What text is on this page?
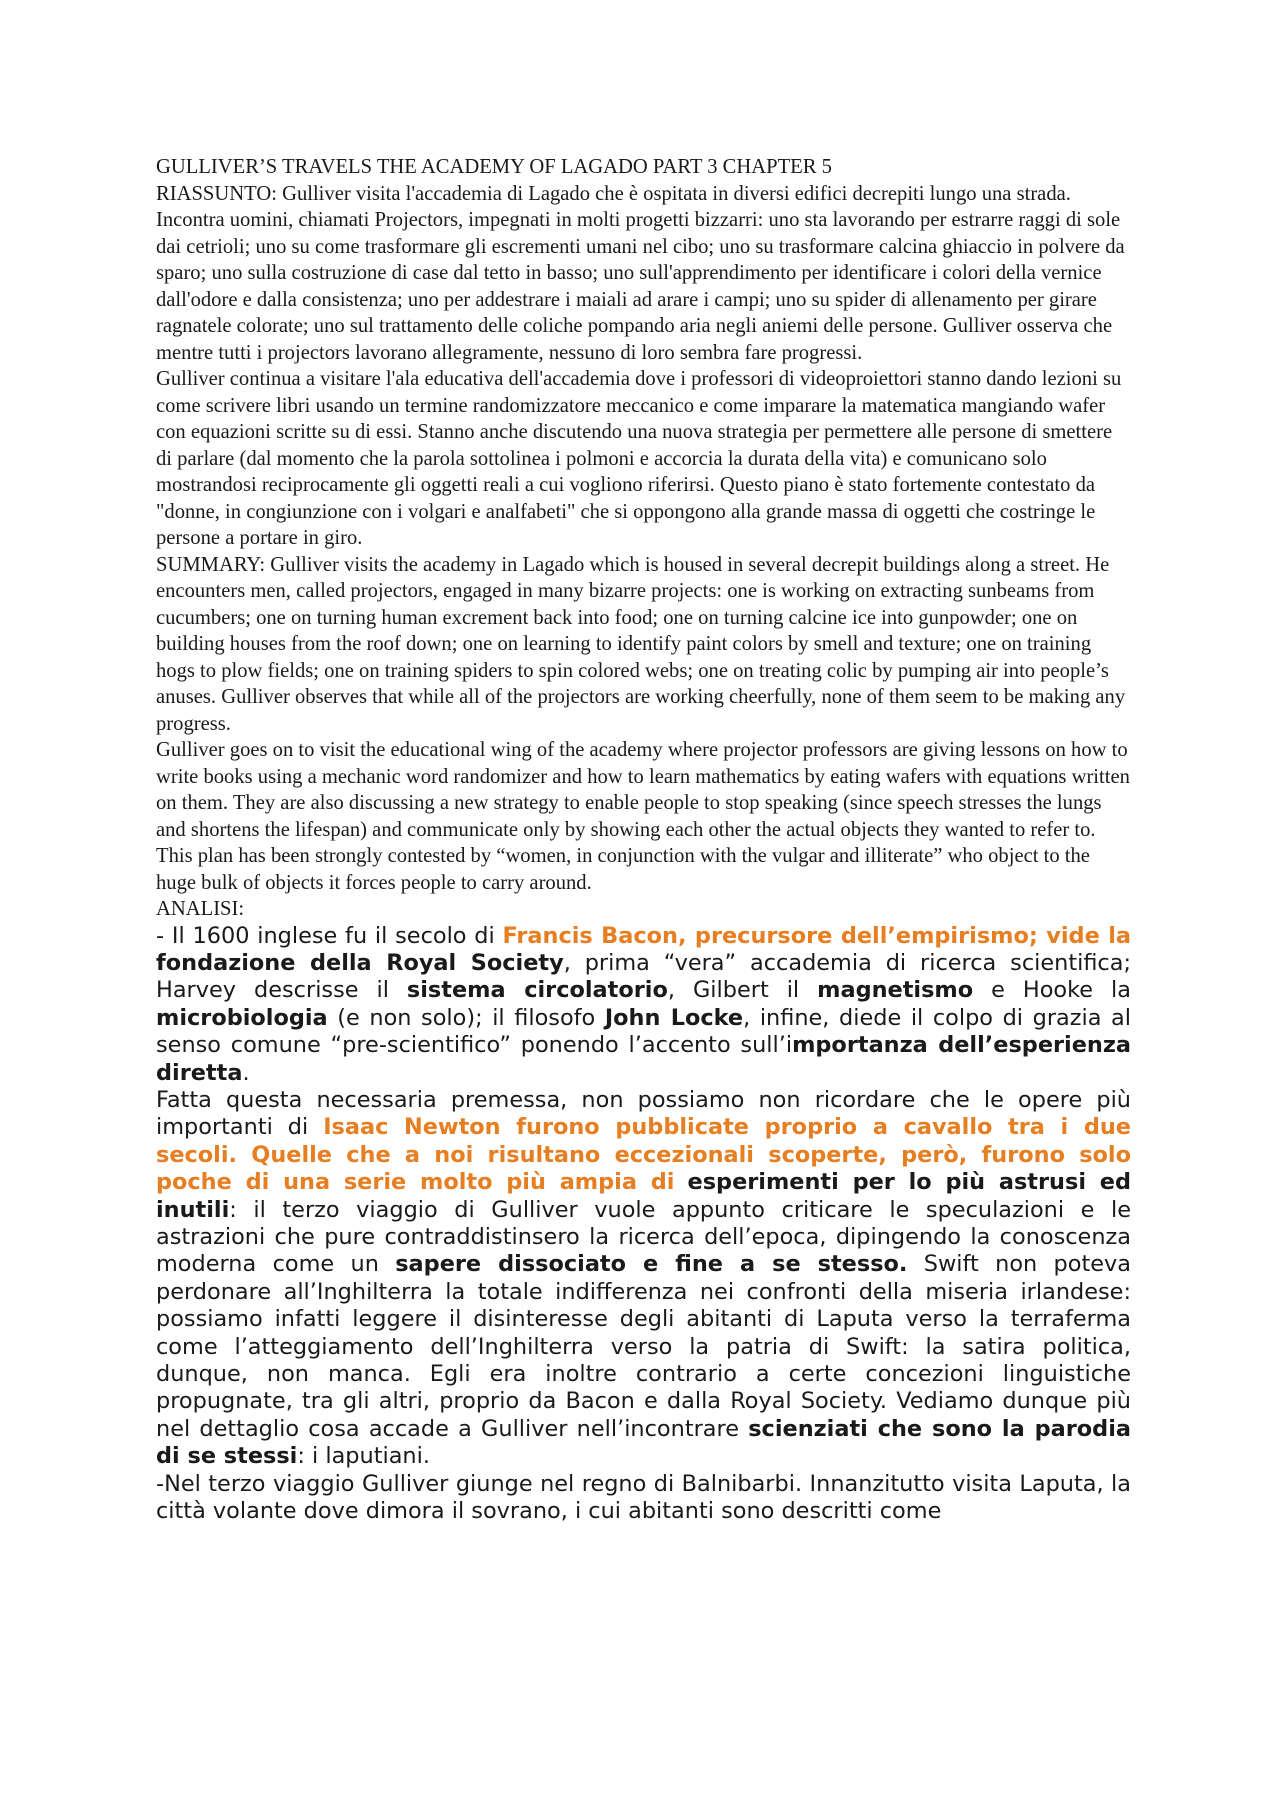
GULLIVER’S TRAVELS THE ACADEMY OF LAGADO PART 3 CHAPTER 5

RIASSUNTO: Gulliver visita l'accademia di Lagado che è ospitata in diversi edifici decrepiti lungo una strada. Incontra uomini, chiamati Projectors, impegnati in molti progetti bizzarri: uno sta lavorando per estrarre raggi di sole dai cetrioli; uno su come trasformare gli escrementi umani nel cibo; uno su trasformare calcina ghiaccio in polvere da sparo; uno sulla costruzione di case dal tetto in basso; uno sull'apprendimento per identificare i colori della vernice dall'odore e dalla consistenza; uno per addestrare i maiali ad arare i campi; uno su spider di allenamento per girare ragnatele colorate; uno sul trattamento delle coliche pompando aria negli aniemi delle persone. Gulliver osserva che mentre tutti i projectors lavorano allegramente, nessuno di loro sembra fare progressi.

Gulliver continua a visitare l'ala educativa dell'accademia dove i professori di videoproiettori stanno dando lezioni su come scrivere libri usando un termine randomizzatore meccanico e come imparare la matematica mangiando wafer con equazioni scritte su di essi. Stanno anche discutendo una nuova strategia per permettere alle persone di smettere di parlare (dal momento che la parola sottolinea i polmoni e accorcia la durata della vita) e comunicano solo mostrandosi reciprocamente gli oggetti reali a cui vogliono riferirsi. Questo piano è stato fortemente contestato da "donne, in congiunzione con i volgari e analfabeti" che si oppongono alla grande massa di oggetti che costringe le persone a portare in giro.

SUMMARY: Gulliver visits the academy in Lagado which is housed in several decrepit buildings along a street. He encounters men, called projectors, engaged in many bizarre projects: one is working on extracting sunbeams from cucumbers; one on turning human excrement back into food; one on turning calcine ice into gunpowder; one on building houses from the roof down; one on learning to identify paint colors by smell and texture; one on training hogs to plow fields; one on training spiders to spin colored webs; one on treating colic by pumping air into people’s anuses. Gulliver observes that while all of the projectors are working cheerfully, none of them seem to be making any progress.

Gulliver goes on to visit the educational wing of the academy where projector professors are giving lessons on how to write books using a mechanic word randomizer and how to learn mathematics by eating wafers with equations written on them. They are also discussing a new strategy to enable people to stop speaking (since speech stresses the lungs and shortens the lifespan) and communicate only by showing each other the actual objects they wanted to refer to. This plan has been strongly contested by “women, in conjunction with the vulgar and illiterate” who object to the huge bulk of objects it forces people to carry around.

ANALISI:

- Il 1600 inglese fu il secolo di Francis Bacon, precursore dell’empirismo; vide la fondazione della Royal Society, prima “vera” accademia di ricerca scientifica; Harvey descrisse il sistema circolatorio, Gilbert il magnetismo e Hooke la microbiologia (e non solo); il filosofo John Locke, infine, diede il colpo di grazia al senso comune “pre-scientifico” ponendo l’accento sull’importanza dell’esperienza diretta.

Fatta questa necessaria premessa, non possiamo non ricordare che le opere più importanti di Isaac Newton furono pubblicate proprio a cavallo tra i due secoli. Quelle che a noi risultano eccezionali scoperte, però, furono solo poche di una serie molto più ampia di esperimenti per lo più astrusi ed inutili: il terzo viaggio di Gulliver vuole appunto criticare le speculazioni e le astrazioni che pure contraddistinsero la ricerca dell’epoca, dipingendo la conoscenza moderna come un sapere dissociato e fine a se stesso. Swift non poteva perdonare all’Inghilterra la totale indifferenza nei confronti della miseria irlandese: possiamo infatti leggere il disinteresse degli abitanti di Laputa verso la terraferma come l’atteggiamento dell’Inghilterra verso la patria di Swift: la satira politica, dunque, non manca. Egli era inoltre contrario a certe concezioni linguistiche propugnate, tra gli altri, proprio da Bacon e dalla Royal Society. Vediamo dunque più nel dettaglio cosa accade a Gulliver nell’incontrare scienziati che sono la parodia di se stessi: i laputiani.

-Nel terzo viaggio Gulliver giunge nel regno di Balnibarbi. Innanzitutto visita Laputa, la città volante dove dimora il sovrano, i cui abitanti sono descritti come
